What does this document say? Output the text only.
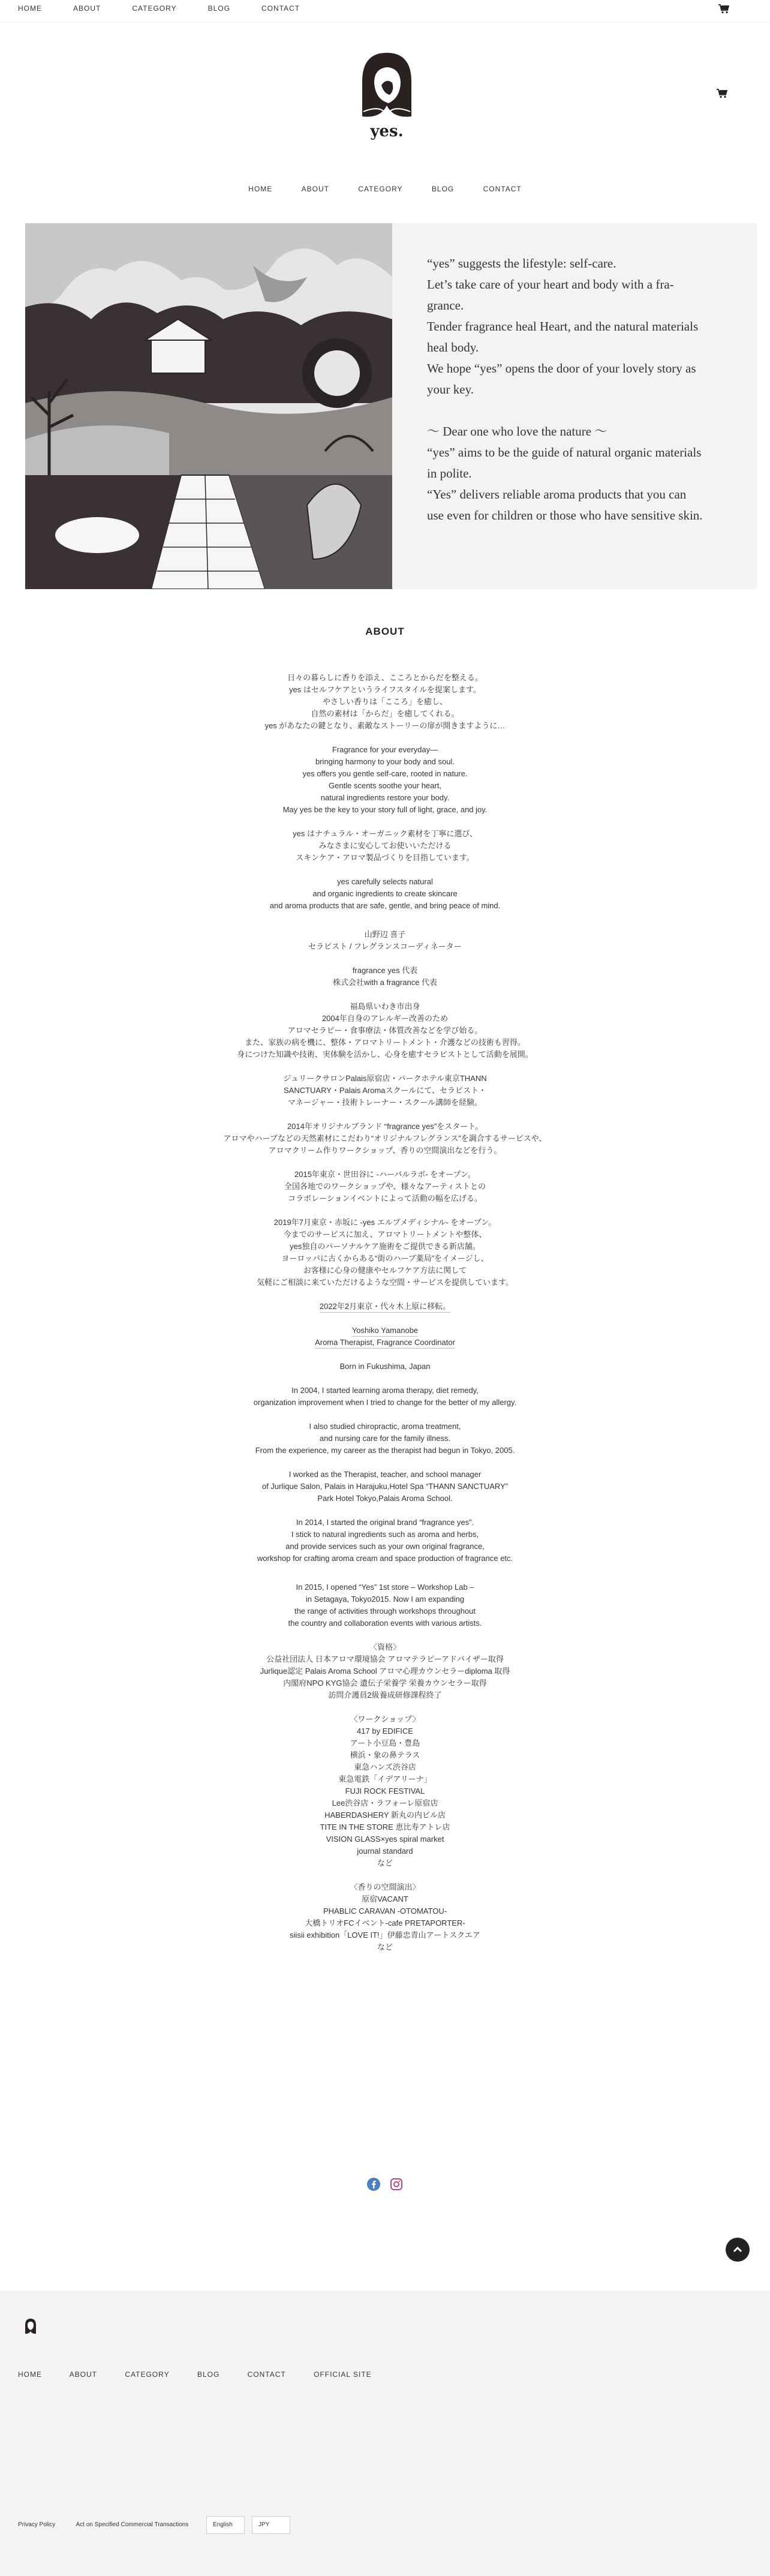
HOME	ABOUT	CATEGORY	BLOG	CONTACT
yes.
HOME	ABOUT	CATEGORY	BLOG	CONTACT

“yes” suggests the lifestyle: self-care.

Let’s take care of your heart and body with a fra-

grance.

Tender fragrance heal Heart, and the natural materials

heal body.

We hope “yes” opens the door of your lovely story as

your key.

～ Dear one who love the nature ～

“yes” aims to be the guide of natural organic materials

in polite.

“Yes” delivers reliable aroma products that you can

use even for children or those who have sensitive skin.

ABOUT

日々の暮らしに香りを添え、こころとからだを整える。

yes はセルフケアというライフスタイルを提案します。

やさしい香りは「こころ」を癒し、

自然の素材は「からだ」を癒してくれる。

yes があなたの鍵となり、素敵なストーリーの扉が開きますように…

Fragrance for your everyday—

bringing harmony to your body and soul.

yes offers you gentle self-care, rooted in nature.

Gentle scents soothe your heart,

natural ingredients restore your body.

May yes be the key to your story full of light, grace, and joy.

yes はナチュラル・オーガニック素材を丁寧に選び、

みなさまに安心してお使いいただける

スキンケア・アロマ製品づくりを目指しています。

yes carefully selects natural

and organic ingredients to create skincare

and aroma products that are safe, gentle, and bring peace of mind.

山野辺 喜子

セラピスト / フレグランスコーディネーター

fragrance yes 代表

株式会社with a fragrance 代表

福島県いわき市出身

2004年自身のアレルギー改善のため

アロマセラピー・食事療法・体質改善などを学び始る。

また、家族の病を機に、整体・アロマトリートメント・介護などの技術も習得。

身につけた知識や技術、実体験を活かし、心身を癒すセラピストとして活動を展開。

ジュリークサロンPalais原宿店・パークホテル東京THANN

SANCTUARY・Palais Aromaスクールにて、セラピスト・

マネージャー・技術トレーナー・スクール講師を経験。

2014年オリジナルブランド “fragrance yes”をスタート。

アロマやハーブなどの天然素材にこだわり“オリジナルフレグランス”を調合するサービスや、

アロマクリーム作りワークショップ、香りの空間演出などを行う。

2015年東京・世田谷に -ハーバルラボ- をオープン。

全国各地でのワークショップや、様々なアーティストとの

コラボレーションイベントによって活動の幅を広げる。

2019年7月東京・赤坂に -yes エルブメディシナル- をオープン。

今までのサービスに加え、アロマトリートメントや整体、

yes独自のパーソナルケア施術をご提供できる新店舗。

ヨーロッパに古くからある“街のハーブ薬局”をイメージし、

お客様に心身の健康やセルフケア方法に関して

気軽にご相談に来ていただけるような空間・サービスを提供しています。

2022年2月東京・代々木上原に移転。

Yoshiko Yamanobe

Aroma Therapist, Fragrance Coordinator

Born in Fukushima, Japan

In 2004, I started learning aroma therapy, diet remedy,

organization improvement when I tried to change for the better of my allergy.

I also studied chiropractic, aroma treatment,

and nursing care for the family illness.

From the experience, my career as the therapist had begun in Tokyo, 2005.

I worked as the Therapist, teacher, and school manager

of Jurlique Salon, Palais in Harajuku,Hotel Spa “THANN SANCTUARY”

Park Hotel Tokyo,Palais Aroma School.

In 2014, I started the original brand “fragrance yes”.

I stick to natural ingredients such as aroma and herbs,

and provide services such as your own original fragrance,

workshop for crafting aroma cream and space production of fragrance etc.

In 2015, I opened “Yes” 1st store – Workshop Lab –

in Setagaya, Tokyo2015. Now I am expanding

the range of activities through workshops throughout

the country and collaboration events with various artists.

〈資格〉

公益社団法人 日本アロマ環境協会 アロマテラピーアドバイザー取得

Jurlique認定 Palais Aroma School アロマ心理カウンセラーdiploma 取得

内閣府NPO KYG協会 遺伝子栄養学 栄養カウンセラー取得

訪問介護員2級養成研修課程終了

〈ワークショップ〉

417 by EDIFICE

アート小豆島・豊島

横浜・象の鼻テラス

東急ハンズ渋谷店

東急電鉄「イデアリーナ」

FUJI ROCK FESTIVAL

Lee渋谷店・ラフォーレ原宿店

HABERDASHERY 新丸の内ビル店

TITE IN THE STORE 恵比寿アトレ店

VISION GLASS×yes spiral market

journal standard

など

〈香りの空間演出〉

原宿VACANT

PHABLIC CARAVAN -OTOMATOU-

大橋トリオFCイベント-cafe PRETAPORTER-

siisii exhibition「LOVE IT!」伊藤忠青山アートスクエア

など

HOME	ABOUT	CATEGORY	BLOG	CONTACT	OFFICIAL SITE
Privacy Policy	Act on Specified Commercial Transactions	English	JPY
